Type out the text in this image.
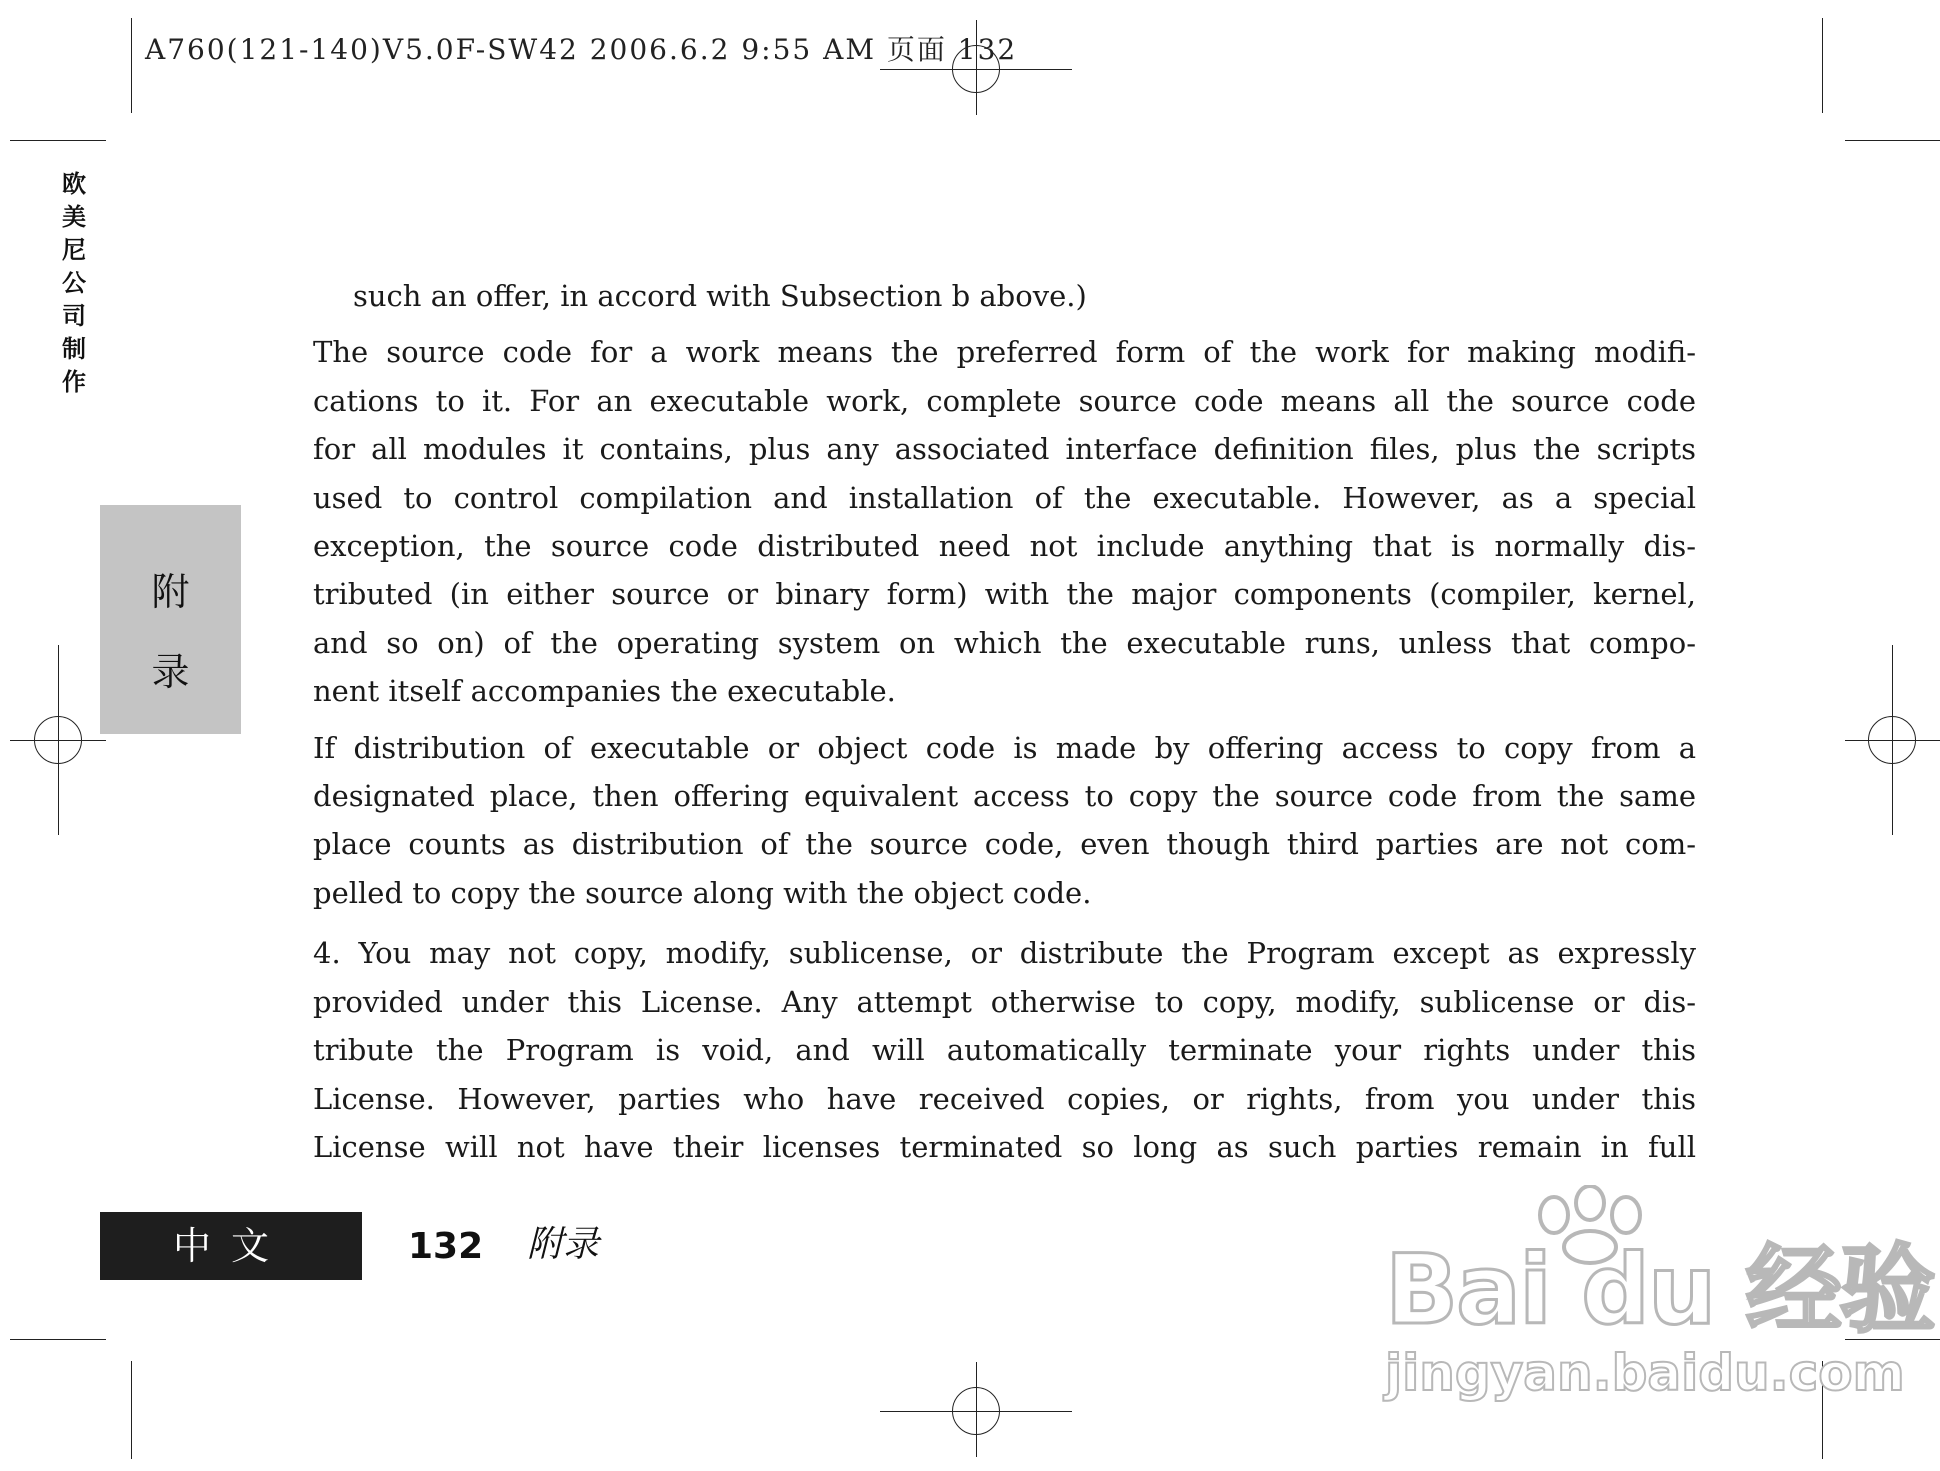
A760(121-140)V5.0F-SW42 2006.6.2 9:55 AM 页面 132
欧
美
尼
公
司
制
作
附
录

such an offer, in accord with Subsection b above.)

The source code for a work means the preferred form of the work for making modifi-

cations to it. For an executable work, complete source code means all the source code

for all modules it contains, plus any associated interface definition files, plus the scripts

used to control compilation and installation of the executable. However, as a special

exception, the source code distributed need not include anything that is normally dis-

tributed (in either source or binary form) with the major components (compiler, kernel,

and so on) of the operating system on which the executable runs, unless that compo-

nent itself accompanies the executable.

If distribution of executable or object code is made by offering access to copy from a

designated place, then offering equivalent access to copy the source code from the same

place counts as distribution of the source code, even though third parties are not com-

pelled to copy the source along with the object code.

4. You may not copy, modify, sublicense, or distribute the Program except as expressly

provided under this License. Any attempt otherwise to copy, modify, sublicense or dis-

tribute the Program is void, and will automatically terminate your rights under this

License. However, parties who have received copies, or rights, from you under this

License will not have their licenses terminated so long as such parties remain in full

中文	132 附录	Bai du 经验
jingyan.baidu.com
